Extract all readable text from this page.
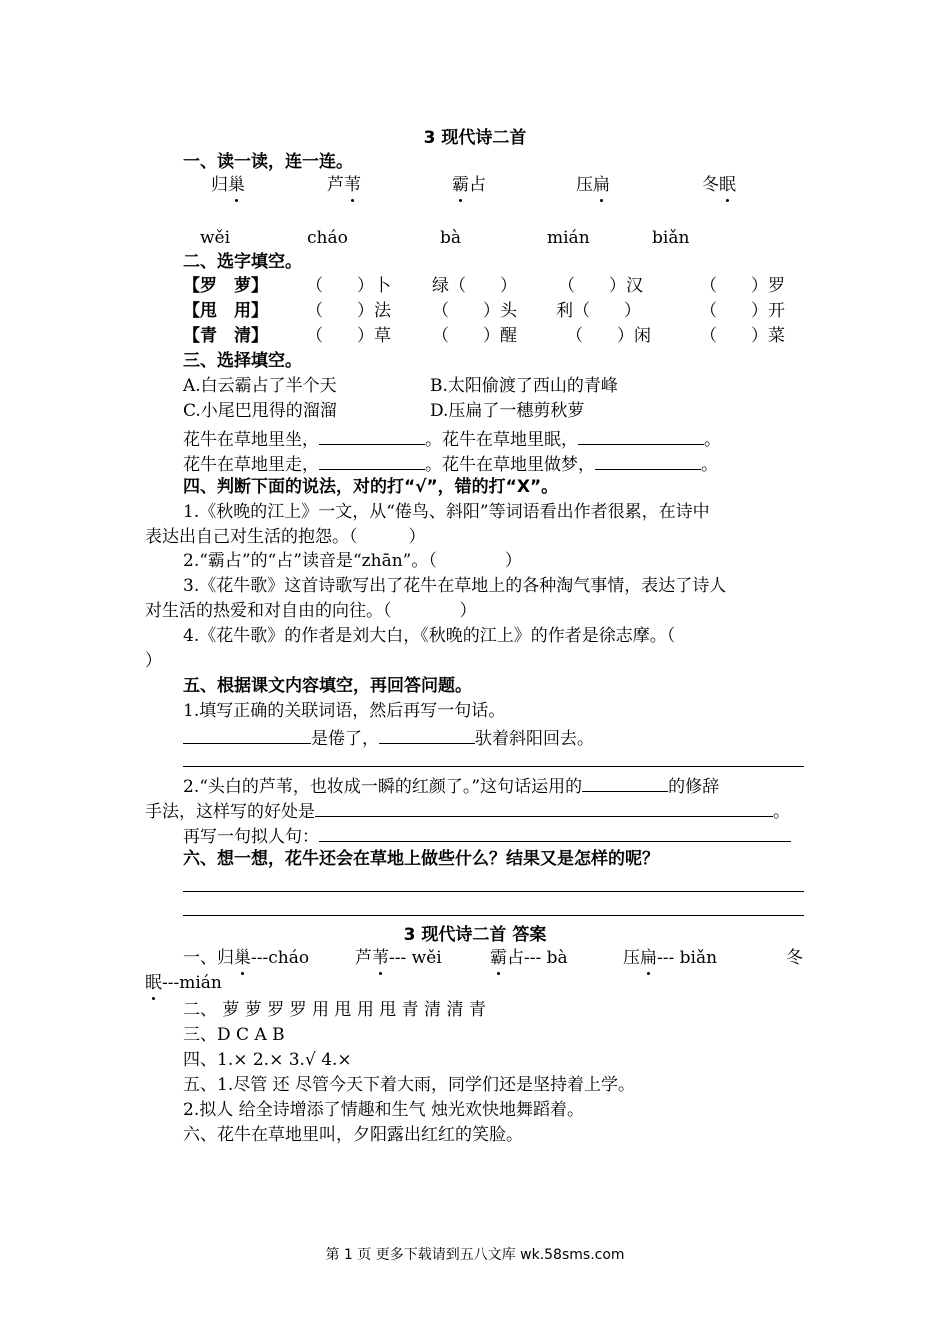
3 现代诗二首
一、读一读，连一连。
归巢	芦苇	霸占	压扁	冬眠
wěi	cháo	bà	mián	biǎn
二、选字填空。
【罗　萝】 （　　）卜 绿（　　） （　　）汉	（　　）罗
【甩　用】 （　　）法 （　　）头 利（　　）	（　　）开
【青　清】 （　　）草 （　　）醒	（　　）闲	（　　）菜
三、选择填空。
A.白云霸占了半个天	B.太阳偷渡了西山的青峰
C.小尾巴甩得的溜溜	D.压扁了一穗剪秋萝
花牛在草地里坐，	。花牛在草地里眠，	。
花牛在草地里走，	。花牛在草地里做梦，	。
四、判断下面的说法，对的打“√”，错的打“X”。
1.《秋晚的江上》一文，从“倦鸟、斜阳”等词语看出作者很累，在诗中
表达出自己对生活的抱怨。（　　　）
2.“霸占”的“占”读音是“zhān”。（　　　　）
3.《花牛歌》这首诗歌写出了花牛在草地上的各种淘气事情，表达了诗人
对生活的热爱和对自由的向往。（　　　　）
4.《花牛歌》的作者是刘大白，《秋晚的江上》的作者是徐志摩。（
）
五、根据课文内容填空，再回答问题。
1.填写正确的关联词语，然后再写一句话。
是倦了，	驮着斜阳回去。
2.“头白的芦苇，也妆成一瞬的红颜了。”这句话运用的	的修辞
手法，这样写的好处是	。
再写一句拟人句：
六、想一想，花牛还会在草地上做些什么？结果又是怎样的呢？
3 现代诗二首 答案
一、归巢---cháo	芦苇--- wěi	霸占--- bà	压扁--- biǎn	冬
眠---mián
二、 萝 萝 罗 罗 用 甩 用 甩 青 清 清 青
三、D C A B
四、1.× 2.× 3.√ 4.×
五、1.尽管 还 尽管今天下着大雨，同学们还是坚持着上学。
2.拟人 给全诗增添了情趣和生气 烛光欢快地舞蹈着。
六、花牛在草地里叫，夕阳露出红红的笑脸。
第 1 页 更多下载请到五八文库 wk.58sms.com
